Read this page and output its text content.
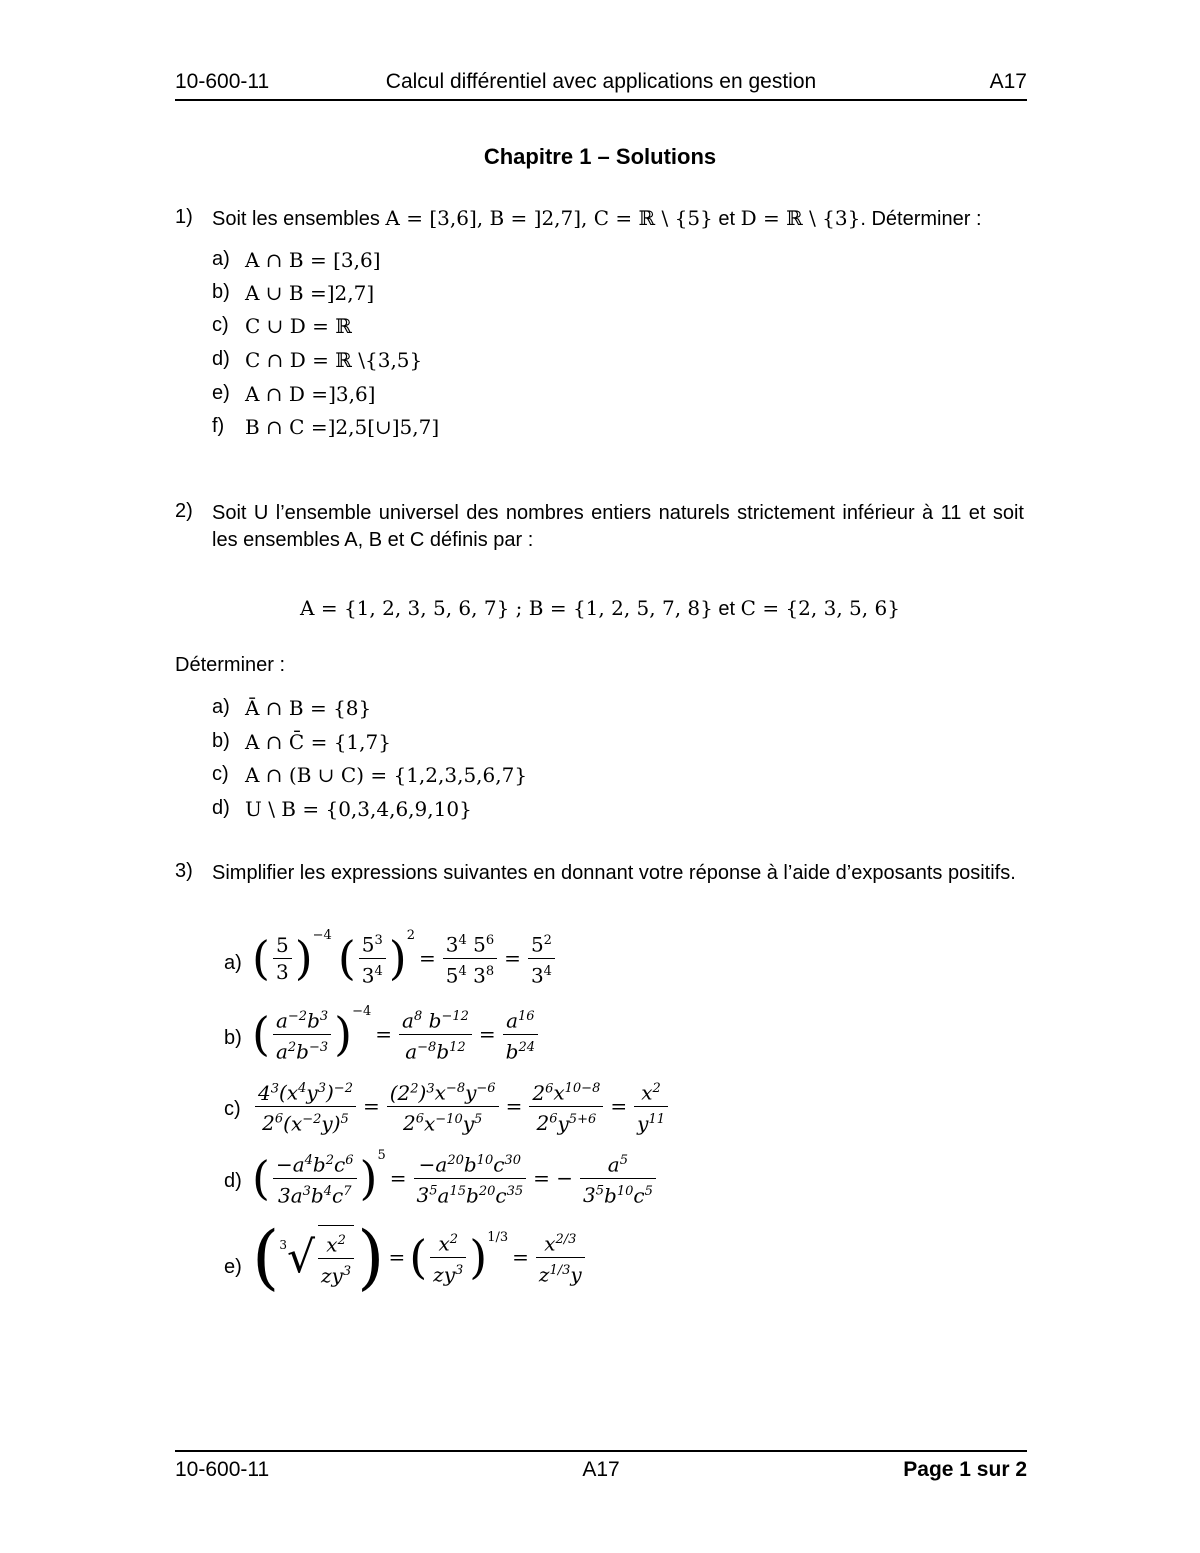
10-600-11	Calcul différentiel avec applications en gestion	A17
Chapitre 1 – Solutions
1) Soit les ensembles A = [3,6], B = ]2,7], C = ℝ \ {5} et D = ℝ \ {3}. Déterminer :
a) A ∩ B = [3,6]
b) A ∪ B =]2,7]
c) C ∪ D = ℝ
d) C ∩ D = ℝ \{3,5}
e) A ∩ D =]3,6]
f) B ∩ C =]2,5[∪]5,7]
2) Soit U l’ensemble universel des nombres entiers naturels strictement inférieur à 11 et soit les ensembles A, B et C définis par :
A = {1, 2, 3, 5, 6, 7} ; B = {1, 2, 5, 7, 8} et C = {2, 3, 5, 6}
Déterminer :
a) Ā ∩ B = {8}
b) A ∩ C̄ = {1,7}
c) A ∩ (B ∪ C) = {1,2,3,5,6,7}
d) U \ B = {0,3,4,6,9,10}
3) Simplifier les expressions suivantes en donnant votre réponse à l’aide d’exposants positifs.
a) ( $\frac{5}{3} )^{-4}$ ( $\frac{5^3}{3^4} )^2$
= $\frac{3^4 5^6}{5^4 3^8} = \frac{5^2}{3^4}$
b) ( $\frac{a^{-2}b^3}{a^2b^{-3}} )^{-4}$
= $\frac{a^8 b^{-12}}{a^{-8}b^{12}} = \frac{a^{16}}{b^{24}}$
$c) \frac{4^3(x^4y^3)^{-2}}{2^6(x^{-2}y)^5} = \frac{(2^2)^3x^{-8}y^{-6}}{2^6x^{-10}y^5} = \frac{2^6x^{10-8}}{2^6y^{5+6}} = \frac{x^2}{y^{11}}$
d) ( $\frac{-a^4b^2c^6}{3a^3b^4c^7} )^5$
= $\frac{-a^{20}b^{10}c^{30}}{3^5a^{15}b^{20}c^{35}}$ = − $\frac{a^5}{3^5b^{10}c^5}$
e) ( 3 √ $\frac{x^2}{zy^3}$ ) = ( $\frac{x^2}{zy^3} )^{1/3}$
= $\frac{x^{2/3}}{z^{1/3}y}$
10-600-11	A17	Page 1 sur 2
